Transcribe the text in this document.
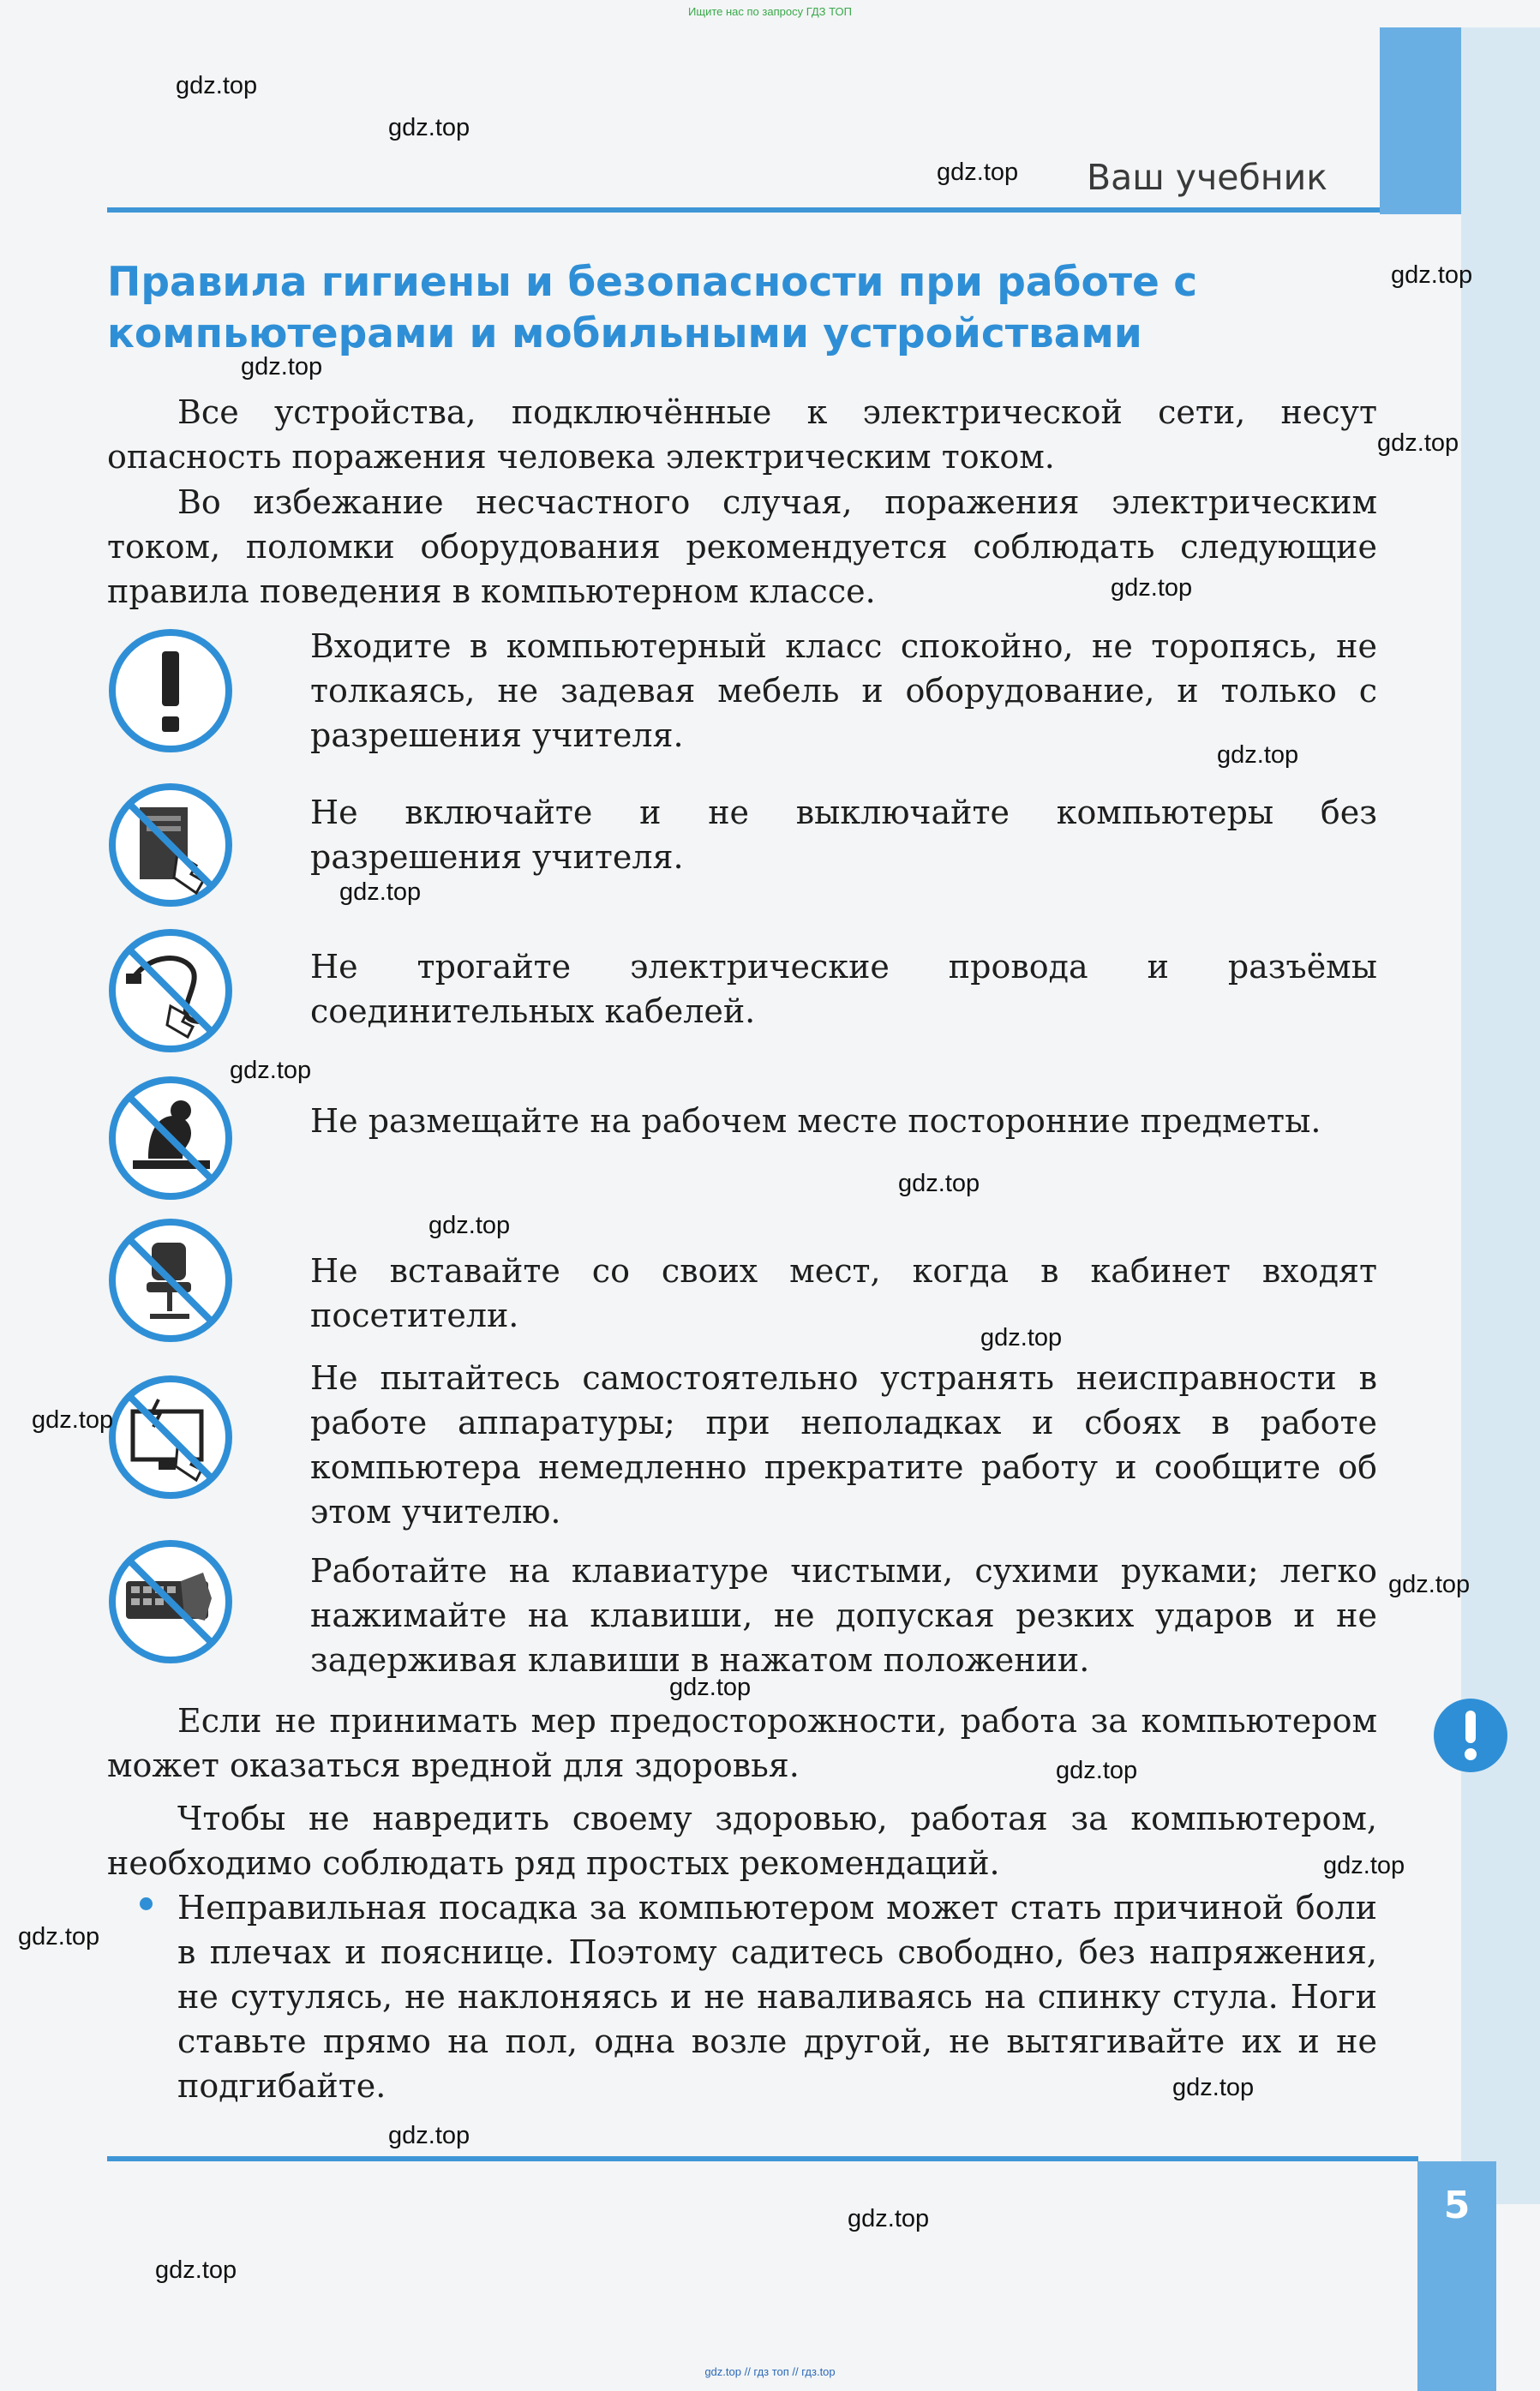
Ищите нас по запросу ГДЗ ТОП
Ваш учебник
Правила гигиены и безопасности при работе с компьютерами и мобильными устройствами

Все устройства, подключённые к электрической сети, несут опасность поражения человека электрическим током.

Во избежание несчастного случая, поражения электрическим током, поломки оборудования рекомендуется соблюдать следующие правила поведения в компьютерном классе.

Входите в компьютерный класс спокойно, не торопясь, не толкаясь, не задевая мебель и оборудование, и только с разрешения учителя.

Не включайте и не выключайте компьютеры без разрешения учителя.

Не трогайте электрические провода и разъёмы соединительных кабелей.

Не размещайте на рабочем месте посторонние предметы.

Не вставайте со своих мест, когда в кабинет входят посетители.

Не пытайтесь самостоятельно устранять неисправности в работе аппаратуры; при неполадках и сбоях в работе компьютера немедленно прекратите работу и сообщите об этом учителю.

Работайте на клавиатуре чистыми, сухими руками; легко нажимайте на клавиши, не допуская резких ударов и не задерживая клавиши в нажатом положении.

Если не принимать мер предосторожности, работа за компьютером может оказаться вредной для здоровья.

Чтобы не навредить своему здоровью, работая за компьютером, необходимо соблюдать ряд простых рекомендаций.

Неправильная посадка за компьютером может стать причиной боли в плечах и пояснице. Поэтому садитесь свободно, без напряжения, не сутулясь, не наклоняясь и не наваливаясь на спинку стула. Ноги ставьте прямо на пол, одна возле другой, не вытягивайте их и не подгибайте.

5
gdz.top
gdz.top
gdz.top
gdz.top
gdz.top
gdz.top
gdz.top
gdz.top
gdz.top
gdz.top
gdz.top
gdz.top
gdz.top
gdz.top
gdz.top
gdz.top
gdz.top
gdz.top
gdz.top
gdz.top
gdz.top
gdz.top
gdz.top
gdz.top // гдз топ // гдз.top
